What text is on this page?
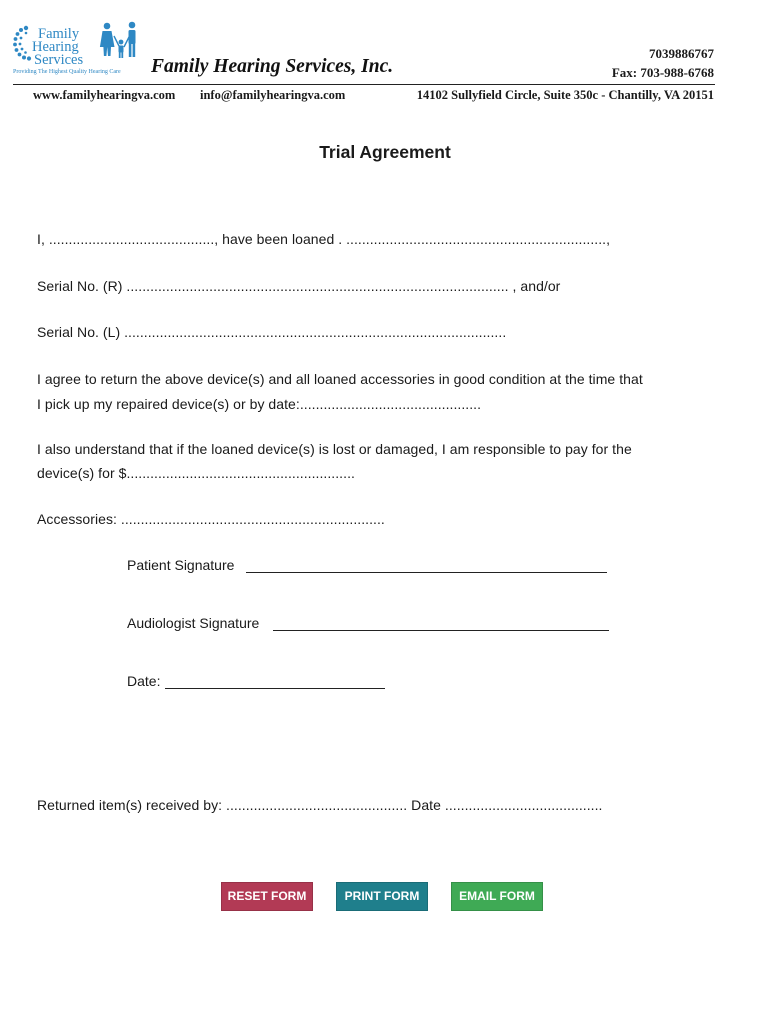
Family
Hearing
Services
Providing The Highest Quality Hearing Care Family Hearing Services, Inc.
7039886767
Fax: 703-988-6768
www.familyhearingva.com info@familyhearingva.com	14102 Sullyfield Circle, Suite 350c - Chantilly, VA 20151
Trial Agreement
I, .........................................., have been loaned . ..................................................................,
Serial No. (R) ................................................................................................. , and/or
Serial No. (L) .................................................................................................
I agree to return the above device(s) and all loaned accessories in good condition at the time that
I pick up my repaired device(s) or by date:..............................................
I also understand that if the loaned device(s) is lost or damaged, I am responsible to pay for the
device(s) for $..........................................................
Accessories: ...................................................................
Patient Signature
Audiologist Signature
Date:
Returned item(s) received by: .............................................. Date ........................................
RESET FORM	PRINT FORM	EMAIL FORM
